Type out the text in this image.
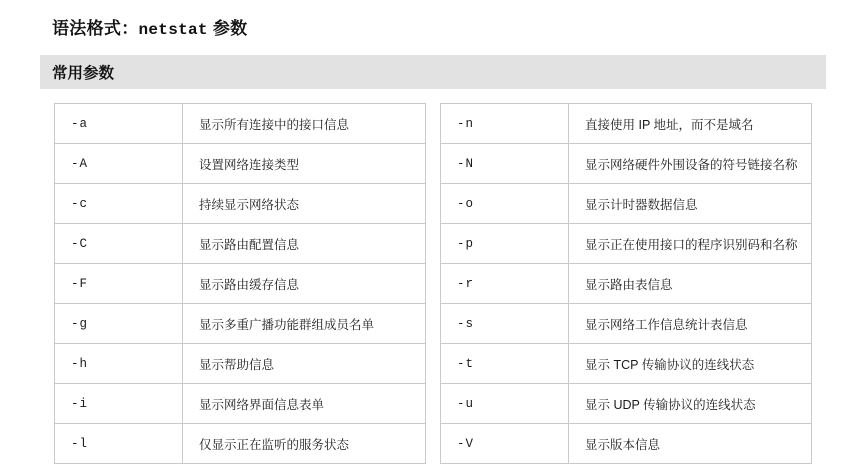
语法格式：netstat 参数
常用参数
-a	显示所有连接中的接口信息		-n	直接使用 IP 地址，而不是域名
-A	设置网络连接类型		-N	显示网络硬件外围设备的符号链接名称
-c	持续显示网络状态		-o	显示计时器数据信息
-C	显示路由配置信息		-p	显示正在使用接口的程序识别码和名称
-F	显示路由缓存信息		-r	显示路由表信息
-g	显示多重广播功能群组成员名单		-s	显示网络工作信息统计表信息
-h	显示帮助信息		-t	显示 TCP 传输协议的连线状态
-i	显示网络界面信息表单		-u	显示 UDP 传输协议的连线状态
-l	仅显示正在监听的服务状态		-V	显示版本信息
